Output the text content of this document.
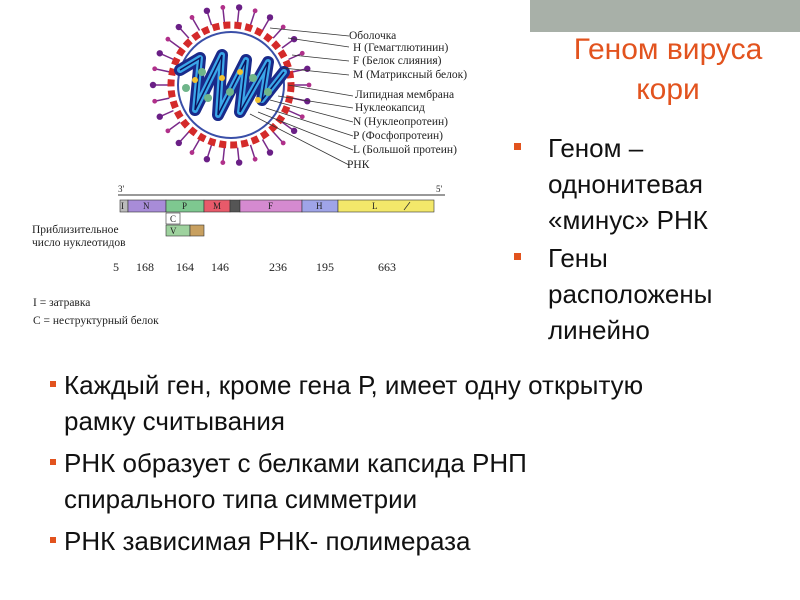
Геном вируса
кори
Оболочка
H (Гемагтлютинин)
F (Белок слияния)
M (Матриксный белок)
Липидная мембрана
Нуклеокапсид
N (Нуклеопротеин)
P (Фосфопротеин)
L (Большой протеин)
РНК
3'	5'
I N	P	M	F	H	L
C
V
Приблизительное
число нуклеотидов
5 168 164 146	236 195	663
I = затравка
С = неструктурный белок
Геном –
однонитевая
«минус» РНК
Гены
расположены
линейно
Каждый ген, кроме гена Р, имеет одну открытую
рамку считывания
РНК образует с белками капсида РНП
спирального типа симметрии
РНК зависимая РНК- полимераза
